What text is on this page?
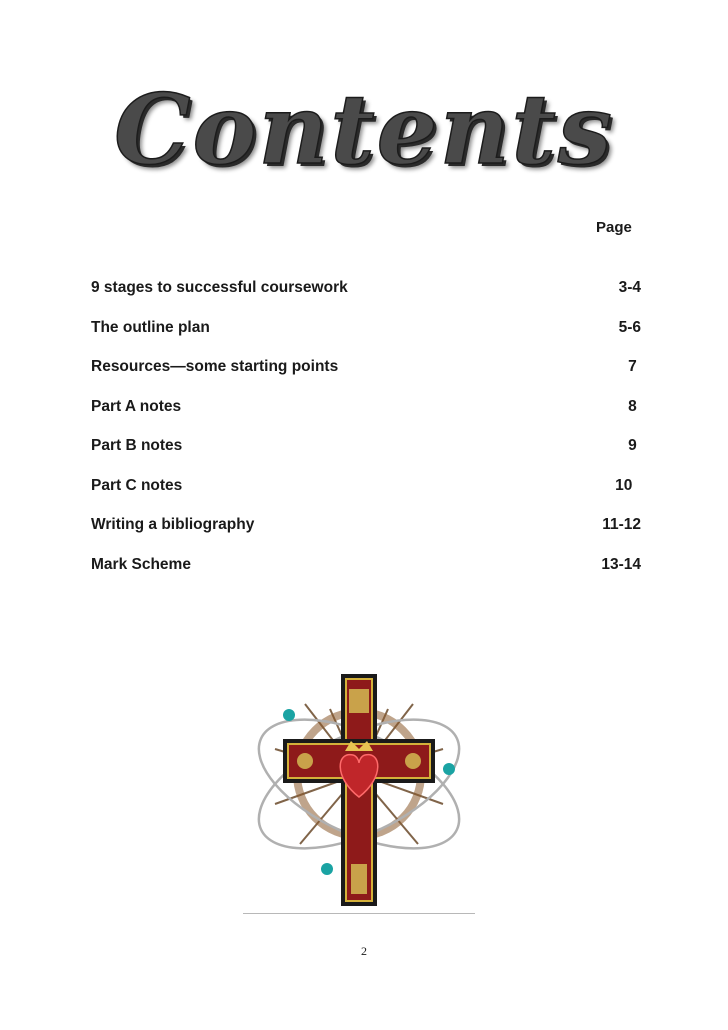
Contents
Page
9 stages to successful coursework	3-4
The outline plan	5-6
Resources—some starting points	7
Part A notes	8
Part B notes	9
Part C notes	10
Writing a bibliography	11-12
Mark Scheme	13-14
2
